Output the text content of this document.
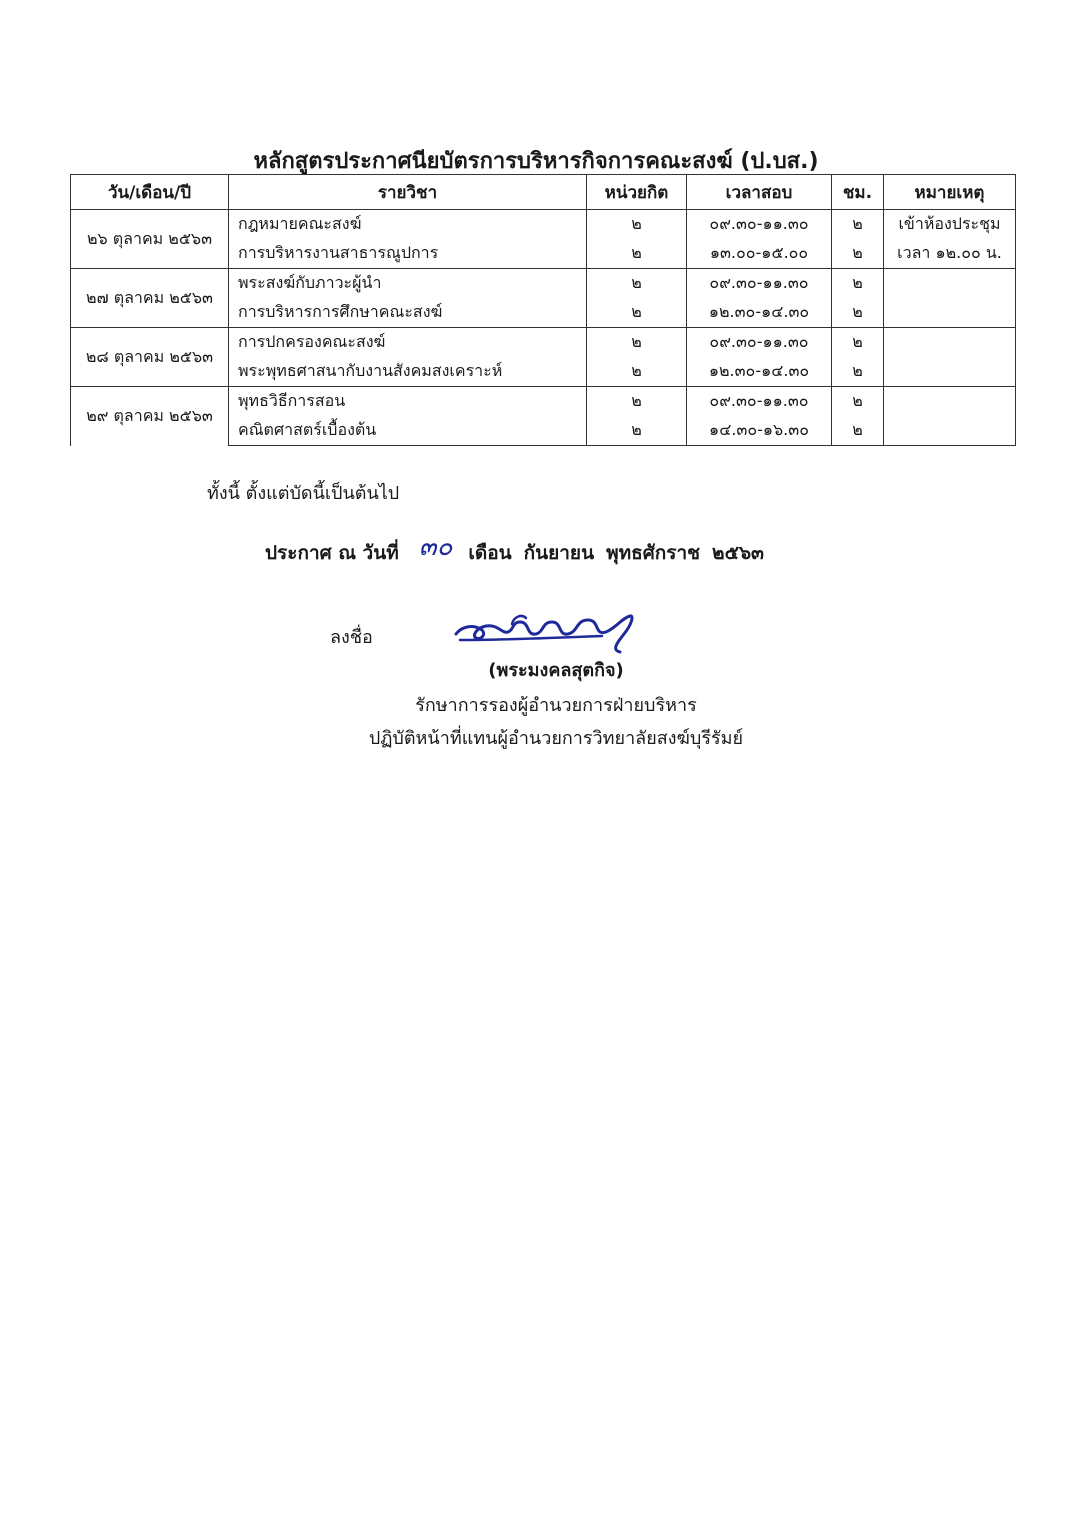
หลักสูตรประกาศนียบัตรการบริหารกิจการคณะสงฆ์ (ป.บส.)
วัน/เดือน/ปี	รายวิชา	หน่วยกิต	เวลาสอบ	ชม.	หมายเหตุ
๒๖ ตุลาคม ๒๕๖๓	กฎหมายคณะสงฆ์	๒	๐๙.๓๐-๑๑.๓๐	๒	เข้าห้องประชุม
	การบริหารงานสาธารณูปการ	๒	๑๓.๐๐-๑๕.๐๐	๒	เวลา ๑๒.๐๐ น.
๒๗ ตุลาคม ๒๕๖๓	พระสงฆ์กับภาวะผู้นำ	๒	๐๙.๓๐-๑๑.๓๐	๒	
	การบริหารการศึกษาคณะสงฆ์	๒	๑๒.๓๐-๑๔.๓๐	๒	
๒๘ ตุลาคม ๒๕๖๓	การปกครองคณะสงฆ์	๒	๐๙.๓๐-๑๑.๓๐	๒	
	พระพุทธศาสนากับงานสังคมสงเคราะห์	๒	๑๒.๓๐-๑๔.๓๐	๒	
๒๙ ตุลาคม ๒๕๖๓	พุทธวิธีการสอน	๒	๐๙.๓๐-๑๑.๓๐	๒	
	คณิตศาสตร์เบื้องต้น	๒	๑๔.๓๐-๑๖.๓๐	๒	
ทั้งนี้ ตั้งแต่บัดนี้เป็นต้นไป
ประกาศ ณ วันที่ ๓๐ เดือน กันยายน พุทธศักราช ๒๕๖๓
ลงชื่อ
(พระมงคลสุตกิจ)
รักษาการรองผู้อำนวยการฝ่ายบริหาร
ปฏิบัติหน้าที่แทนผู้อำนวยการวิทยาลัยสงฆ์บุรีรัมย์
